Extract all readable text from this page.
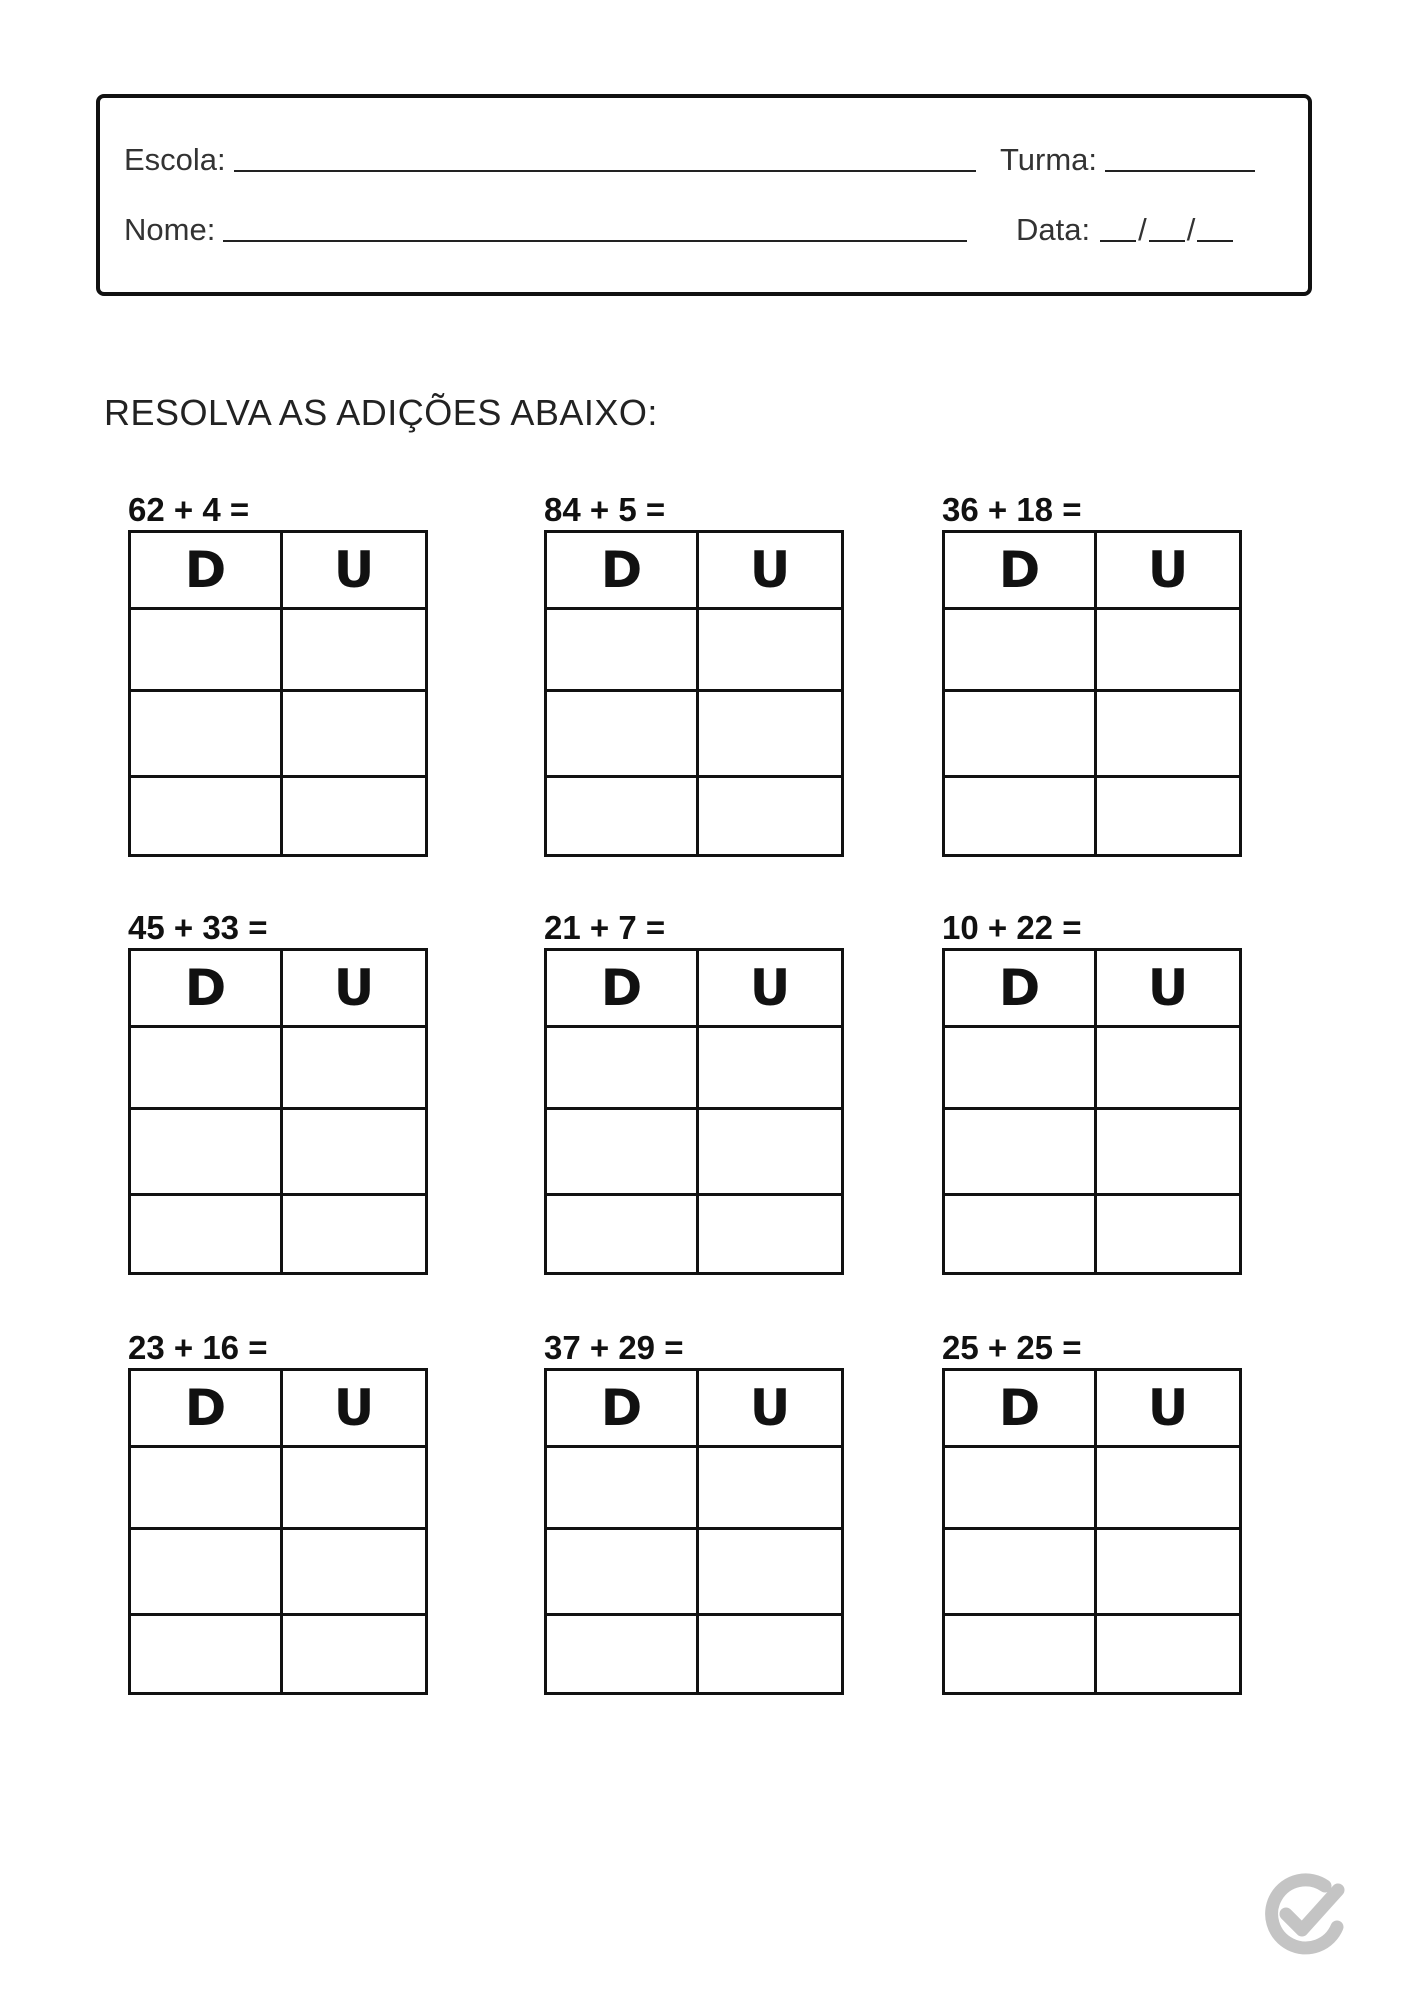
Escola:	Turma:
Nome:	Data: / /
RESOLVA AS ADIÇÕES ABAIXO:
62 + 4 =
D U
84 + 5 =
D U
36 + 18 =
D U
45 + 33 =
D U
21 + 7 =
D U
10 + 22 =
D U
23 + 16 =
D U
37 + 29 =
D U
25 + 25 =
D U
